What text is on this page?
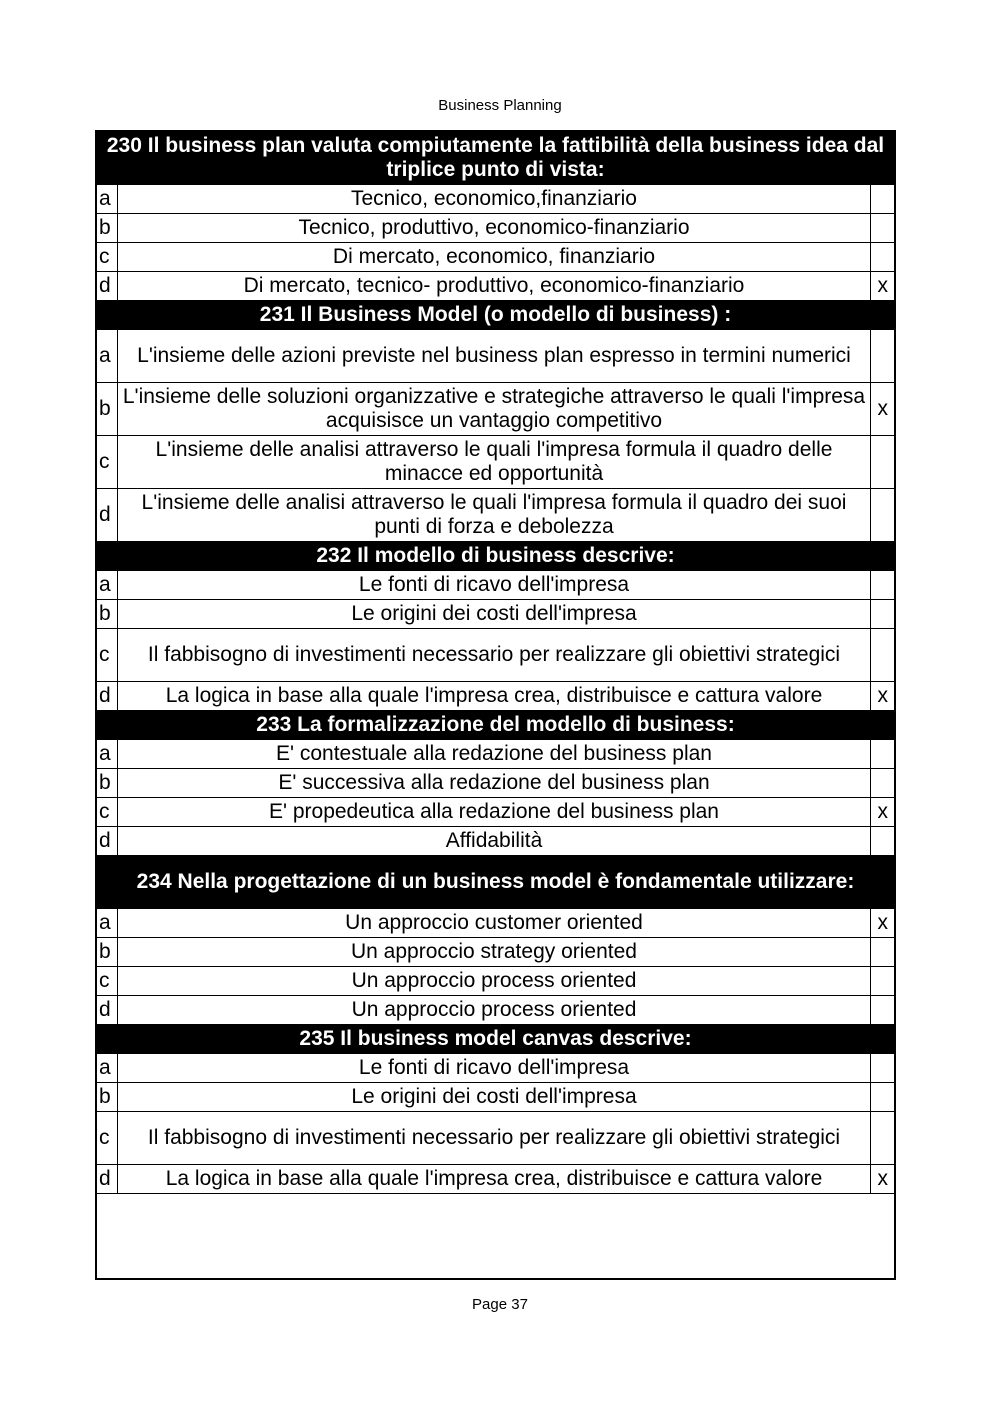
Business Planning
230 Il business plan valuta compiutamente la fattibilità della business idea dal triplice punto di vista:		
a	Tecnico, economico,finanziario	
b	Tecnico, produttivo, economico-finanziario	
c	Di mercato, economico, finanziario	
d	Di mercato, tecnico- produttivo, economico-finanziario	x
231 Il Business Model (o modello di business) :		
a	L'insieme delle azioni previste nel business plan espresso in termini numerici	
b	L'insieme delle soluzioni organizzative e strategiche attraverso le quali l'impresa acquisisce un vantaggio competitivo	x
c	L'insieme delle analisi attraverso le quali l'impresa formula il quadro delle minacce ed opportunità	
d	L'insieme delle analisi attraverso le quali l'impresa formula il quadro dei suoi punti di forza e debolezza	
232 Il modello di business descrive:		
a	Le fonti di ricavo dell'impresa	
b	Le origini dei costi dell'impresa	
c	Il fabbisogno di investimenti necessario per realizzare gli obiettivi strategici	
d	La logica in base alla quale l'impresa crea, distribuisce e cattura valore	x
233 La formalizzazione del modello di business:		
a	E' contestuale alla redazione del business plan	
b	E' successiva alla redazione del business plan	
c	E' propedeutica alla redazione del business plan	x
d	Affidabilità	
234 Nella progettazione di un business model è fondamentale utilizzare:		
a	Un approccio customer oriented	x
b	Un approccio strategy oriented	
c	Un approccio process oriented	
d	Un approccio process oriented	
235 Il business model canvas descrive:		
a	Le fonti di ricavo dell'impresa	
b	Le origini dei costi dell'impresa	
c	Il fabbisogno di investimenti necessario per realizzare gli obiettivi strategici	
d	La logica in base alla quale l'impresa crea, distribuisce e cattura valore	x

Page 37
